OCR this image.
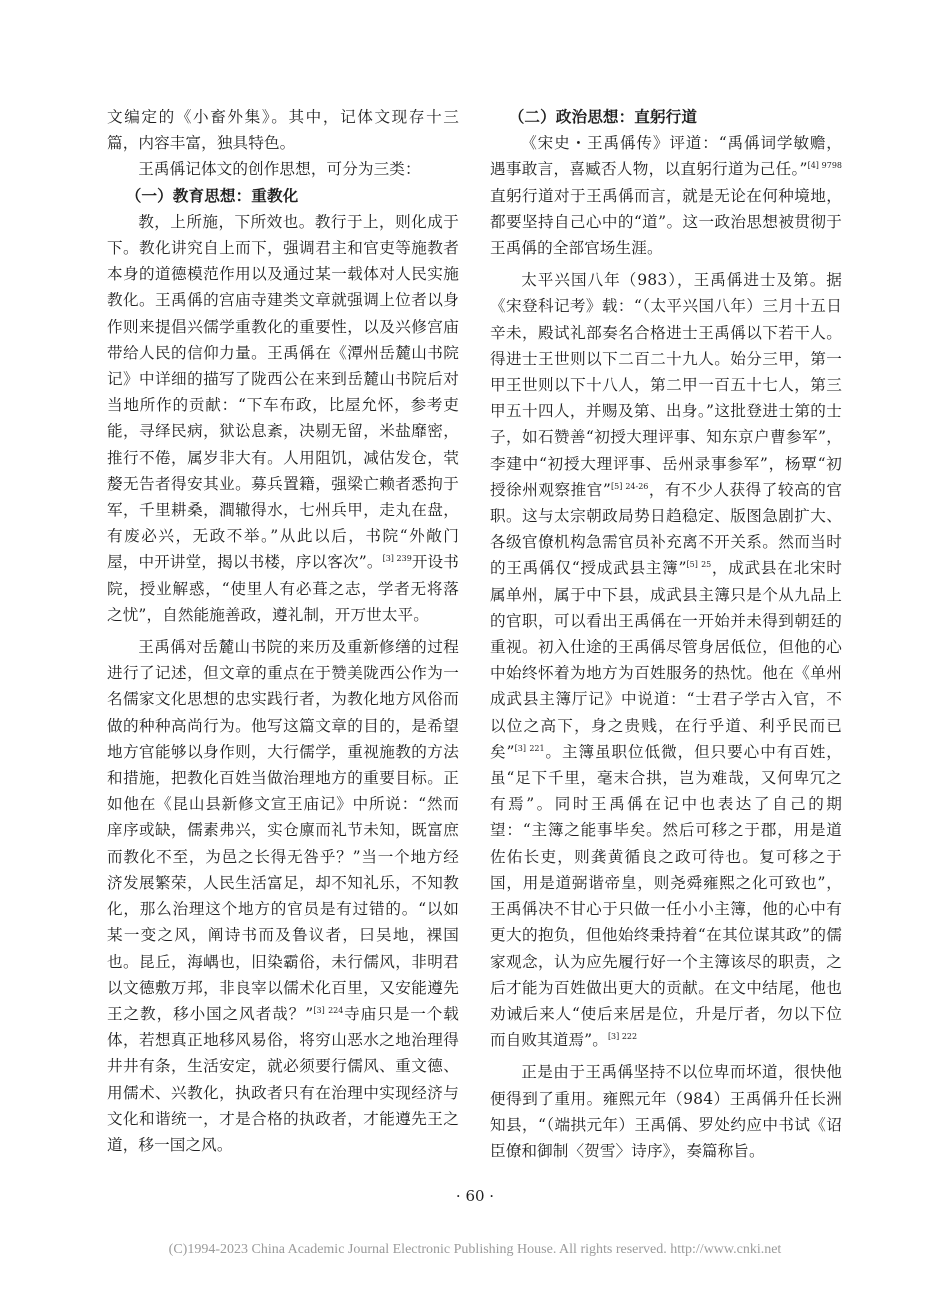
文编定的《小畜外集》。其中，记体文现存十三篇，内容丰富，独具特色。

王禹偁记体文的创作思想，可分为三类：

（一）教育思想：重教化

教，上所施，下所效也。教行于上，则化成于下。教化讲究自上而下，强调君主和官吏等施教者本身的道德模范作用以及通过某一载体对人民实施教化。王禹偁的宫庙寺建类文章就强调上位者以身作则来提倡兴儒学重教化的重要性，以及兴修宫庙带给人民的信仰力量。王禹偁在《潭州岳麓山书院记》中详细的描写了陇西公在来到岳麓山书院后对当地所作的贡献：“下车布政，比屋允怀，参考吏能，寻绎民病，狱讼息紊，决剔无留，米盐靡密，推行不倦，属岁非大有。人用阻饥，减估发仓，茕嫠无告者得安其业。募兵置籍，强梁亡赖者悉拘于军，千里耕桑，澗辙得水，七州兵甲，走丸在盘，有废必兴，无政不举。”从此以后，书院“外敞门屋，中开讲堂，揭以书楼，序以客次”。$^{[3] 239}$开设书院，授业解惑，“使里人有必葺之志，学者无将落之忧”，自然能施善政，遵礼制，开万世太平。

王禹偁对岳麓山书院的来历及重新修缮的过程进行了记述，但文章的重点在于赞美陇西公作为一名儒家文化思想的忠实践行者，为教化地方风俗而做的种种高尚行为。他写这篇文章的目的，是希望地方官能够以身作则，大行儒学，重视施教的方法和措施，把教化百姓当做治理地方的重要目标。正如他在《昆山县新修文宣王庙记》中所说：“然而庠序或缺，儒素弗兴，实仓廪而礼节未知，既富庶而教化不至，为邑之长得无咎乎？”当一个地方经济发展繁荣，人民生活富足，却不知礼乐，不知教化，那么治理这个地方的官员是有过错的。“以如某一变之风，阐诗书而及鲁议者，曰吴地，裸国也。昆丘，海嵎也，旧染霸俗，未行儒风，非明君以文德敷万邦，非良宰以儒术化百里，又安能遵先王之教，移小国之风者哉？”$^{[3] 224}$寺庙只是一个载体，若想真正地移风易俗，将穷山恶水之地治理得井井有条，生活安定，就必须要行儒风、重文德、用儒术、兴教化，执政者只有在治理中实现经济与文化和谐统一，才是合格的执政者，才能遵先王之道，移一国之风。

（二）政治思想：直躬行道

《宋史・王禹偁传》评道：“禹偁词学敏赡，遇事敢言，喜臧否人物，以直躬行道为己任。”$^{[4] 9798}$直躬行道对于王禹偁而言，就是无论在何种境地，都要坚持自己心中的“道”。这一政治思想被贯彻于王禹偁的全部官场生涯。

太平兴国八年（983），王禹偁进士及第。据《宋登科记考》载：“（太平兴国八年）三月十五日辛未，殿试礼部奏名合格进士王禹偁以下若干人。得进士王世则以下二百二十九人。始分三甲，第一甲王世则以下十八人，第二甲一百五十七人，第三甲五十四人，并赐及第、出身。”这批登进士第的士子，如石赞善“初授大理评事、知东京户曹参军”，李建中“初授大理评事、岳州录事参军”，杨覃“初授徐州观察推官”$^{[5] 24-26}$，有不少人获得了较高的官职。这与太宗朝政局势日趋稳定、版图急剧扩大、各级官僚机构急需官员补充离不开关系。然而当时的王禹偁仅“授成武县主簿”$^{[5] 25}$，成武县在北宋时属单州，属于中下县，成武县主簿只是个从九品上的官职，可以看出王禹偁在一开始并未得到朝廷的重视。初入仕途的王禹偁尽管身居低位，但他的心中始终怀着为地方为百姓服务的热忱。他在《单州成武县主簿厅记》中说道：“士君子学古入官，不以位之高下，身之贵贱，在行乎道、利乎民而已矣”$^{[3] 221}$。主簿虽职位低微，但只要心中有百姓，虽“足下千里，毫末合拱，岂为难哉，又何卑冗之有焉”。同时王禹偁在记中也表达了自己的期望：“主簿之能事毕矣。然后可移之于郡，用是道佐佑长吏，则龚黄循良之政可待也。复可移之于国，用是道弼谐帝皇，则尧舜雍熙之化可致也”，王禹偁决不甘心于只做一任小小主簿，他的心中有更大的抱负，但他始终秉持着“在其位谋其政”的儒家观念，认为应先履行好一个主簿该尽的职责，之后才能为百姓做出更大的贡献。在文中结尾，他也劝诫后来人“使后来居是位，升是厅者，勿以下位而自败其道焉”。$^{[3] 222}$

正是由于王禹偁坚持不以位卑而坏道，很快他便得到了重用。雍熙元年（984）王禹偁升任长洲知县，“（端拱元年）王禹偁、罗处约应中书试《诏臣僚和御制〈贺雪〉诗序》，奏篇称旨。

· 60 ·
(C)1994-2023 China Academic Journal Electronic Publishing House. All rights reserved. http://www.cnki.net
